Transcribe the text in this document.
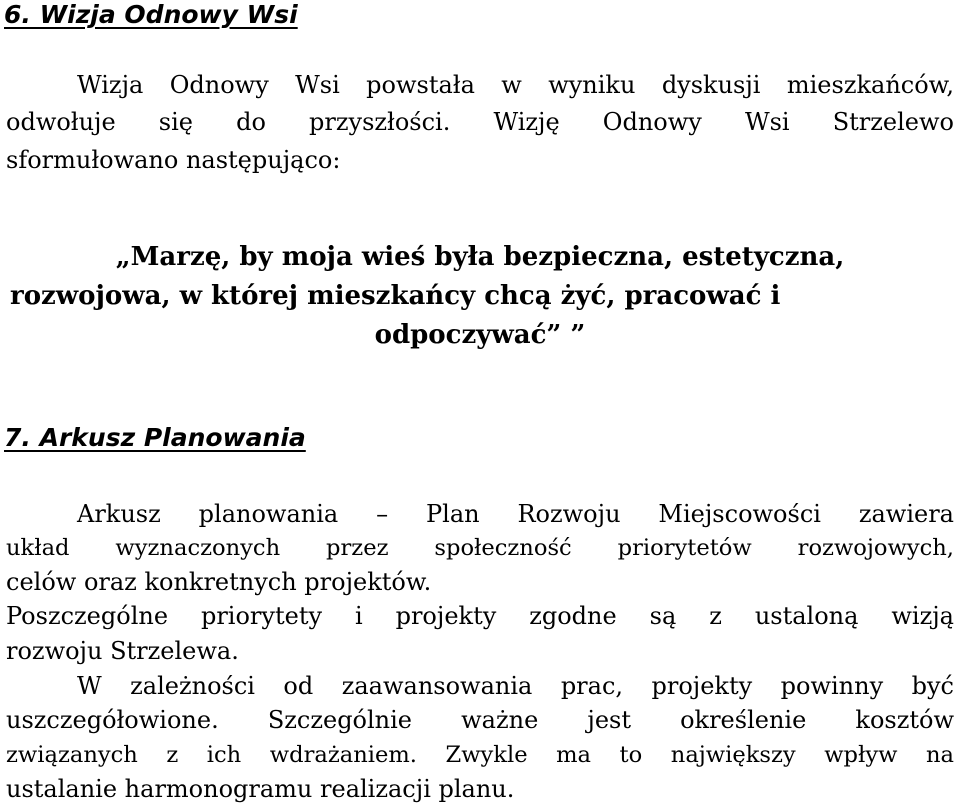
6. Wizja Odnowy Wsi
Wizja Odnowy Wsi powstała w wyniku dyskusji mieszkańców,
odwołuje się do przyszłości. Wizję Odnowy Wsi Strzelewo
sformułowano następująco:
„Marzę, by moja wieś była bezpieczna, estetyczna,
rozwojowa, w której mieszkańcy chcą żyć, pracować i
odpoczywać” ”
7. Arkusz Planowania
Arkusz planowania – Plan Rozwoju Miejscowości zawiera
układ wyznaczonych przez społeczność priorytetów rozwojowych,
celów oraz konkretnych projektów.
Poszczególne priorytety i projekty zgodne są z ustaloną wizją
rozwoju Strzelewa.
W zależności od zaawansowania prac, projekty powinny być
uszczegółowione. Szczególnie ważne jest określenie kosztów
związanych z ich wdrażaniem. Zwykle ma to największy wpływ na
ustalanie harmonogramu realizacji planu.
